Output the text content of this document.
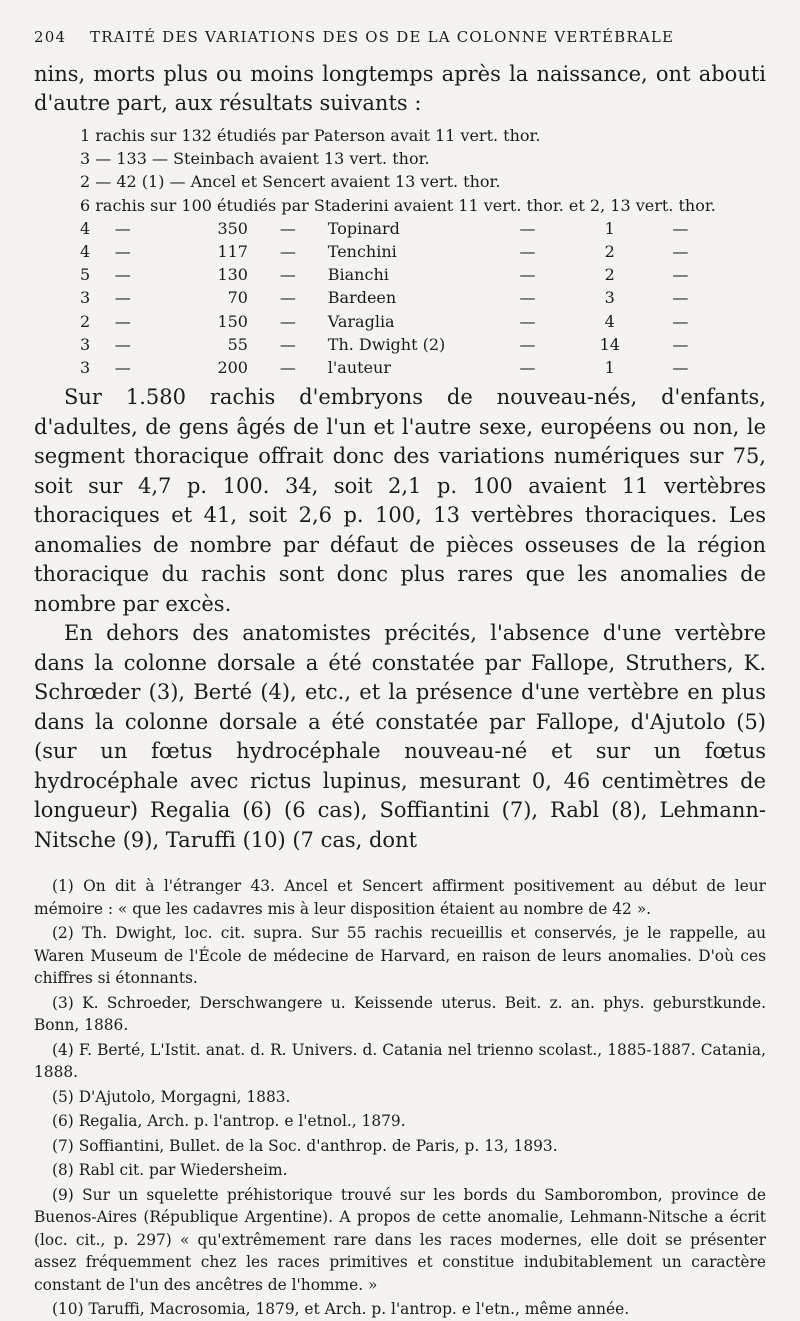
204	TRAITÉ DES VARIATIONS DES OS DE LA COLONNE VERTÉBRALE
nins, morts plus ou moins longtemps après la naissance, ont abouti d'autre part, aux résultats suivants :
1 rachis sur 132 étudiés par Paterson avait 11 vert. thor.							
3 — 133 — Steinbach avaient 13 vert. thor.							
2 — 42 (1) — Ancel et Sencert avaient 13 vert. thor.							
6 rachis sur 100 étudiés par Staderini avaient 11 vert. thor. et 2, 13 vert. thor.							
4	—	350	—	Topinard	—	1	—
4	—	117	—	Tenchini	—	2	—
5	—	130	—	Bianchi	—	2	—
3	—	70	—	Bardeen	—	3	—
2	—	150	—	Varaglia	—	4	—
3	—	55	—	Th. Dwight (2)	—	14	—
3	—	200	—	l'auteur	—	1	—

Sur 1.580 rachis d'embryons de nouveau-nés, d'enfants, d'adultes, de gens âgés de l'un et l'autre sexe, européens ou non, le segment thoracique offrait donc des variations numériques sur 75, soit sur 4,7 p. 100. 34, soit 2,1 p. 100 avaient 11 vertèbres thoraciques et 41, soit 2,6 p. 100, 13 vertèbres thoraciques. Les anomalies de nombre par défaut de pièces osseuses de la région thoracique du rachis sont donc plus rares que les anomalies de nombre par excès.

En dehors des anatomistes précités, l'absence d'une vertèbre dans la colonne dorsale a été constatée par Fallope, Struthers, K. Schrœder (3), Berté (4), etc., et la présence d'une vertèbre en plus dans la colonne dorsale a été constatée par Fallope, d'Ajutolo (5) (sur un fœtus hydrocéphale nouveau-né et sur un fœtus hydrocéphale avec rictus lupinus, mesurant 0, 46 centimètres de longueur) Regalia (6) (6 cas), Soffiantini (7), Rabl (8), Lehmann-Nitsche (9), Taruffi (10) (7 cas, dont

(1) On dit à l'étranger 43. Ancel et Sencert affirment positivement au début de leur mémoire : « que les cadavres mis à leur disposition étaient au nombre de 42 ».

(2) Th. Dwight, loc. cit. supra. Sur 55 rachis recueillis et conservés, je le rappelle, au Waren Museum de l'École de médecine de Harvard, en raison de leurs anomalies. D'où ces chiffres si étonnants.

(3) K. Schroeder, Derschwangere u. Keissende uterus. Beit. z. an. phys. geburstkunde. Bonn, 1886.

(4) F. Berté, L'Istit. anat. d. R. Univers. d. Catania nel trienno scolast., 1885-1887. Catania, 1888.

(5) D'Ajutolo, Morgagni, 1883.

(6) Regalia, Arch. p. l'antrop. e l'etnol., 1879.

(7) Soffiantini, Bullet. de la Soc. d'anthrop. de Paris, p. 13, 1893.

(8) Rabl cit. par Wiedersheim.

(9) Sur un squelette préhistorique trouvé sur les bords du Samborombon, province de Buenos-Aires (République Argentine). A propos de cette anomalie, Lehmann-Nitsche a écrit (loc. cit., p. 297) « qu'extrêmement rare dans les races modernes, elle doit se présenter assez fréquemment chez les races primitives et constitue indubitablement un caractère constant de l'un des ancêtres de l'homme. »

(10) Taruffi, Macrosomia, 1879, et Arch. p. l'antrop. e l'etn., même année.
